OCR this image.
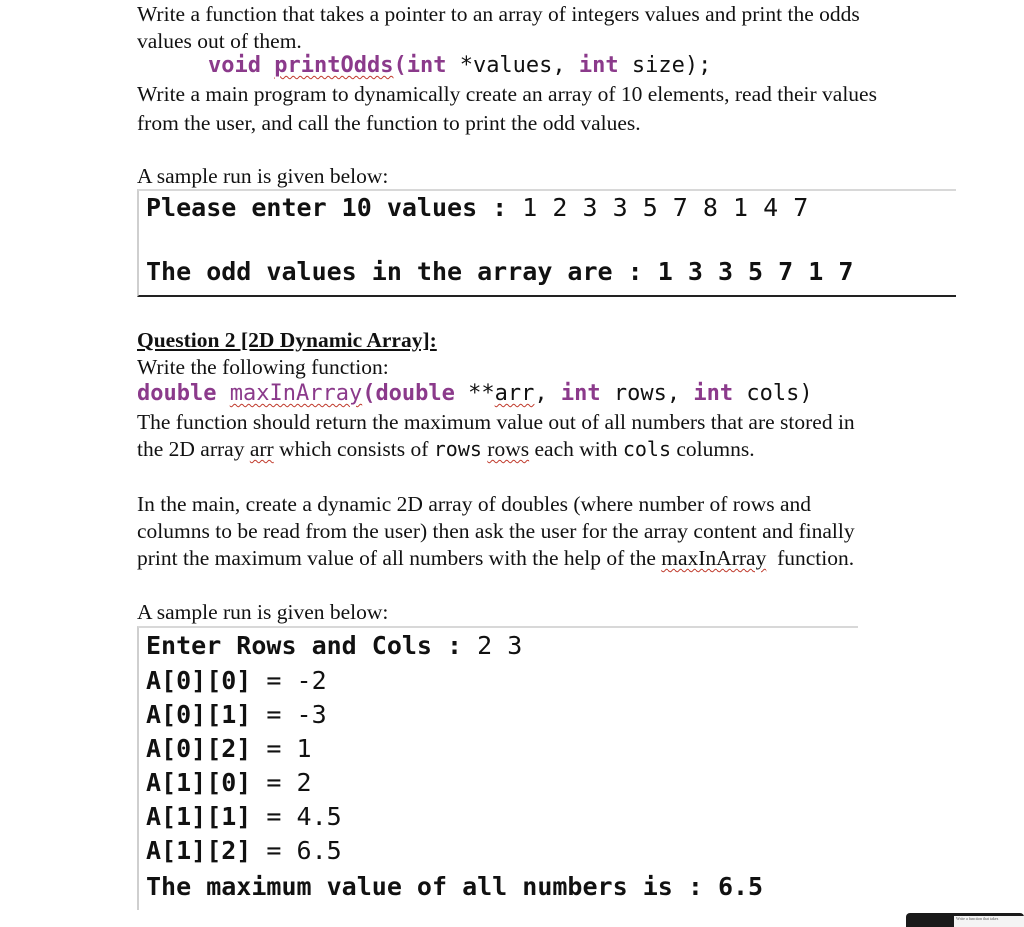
Write a function that takes a pointer to an array of integers values and print the odds

values out of them.

void printOdds(int *values, int size);

Write a main program to dynamically create an array of 10 elements, read their values

from the user, and call the function to print the odd values.

A sample run is given below:

Please enter 10 values : 1 2 3 3 5 7 8 1 4 7

The odd values in the array are : 1 3 3 5 7 1 7

Question 2 [2D Dynamic Array]:

Write the following function:

double maxInArray(double **arr, int rows, int cols)

The function should return the maximum value out of all numbers that are stored in

the 2D array arr which consists of rows rows each with cols columns.

In the main, create a dynamic 2D array of doubles (where number of rows and

columns to be read from the user) then ask the user for the array content and finally

print the maximum value of all numbers with the help of the maxInArray  function.

A sample run is given below:

Enter Rows and Cols : 2 3

A[0][0] = -2

A[0][1] = -3

A[0][2] = 1

A[1][0] = 2

A[1][1] = 4.5

A[1][2] = 6.5

The maximum value of all numbers is : 6.5

Write a function that takes
